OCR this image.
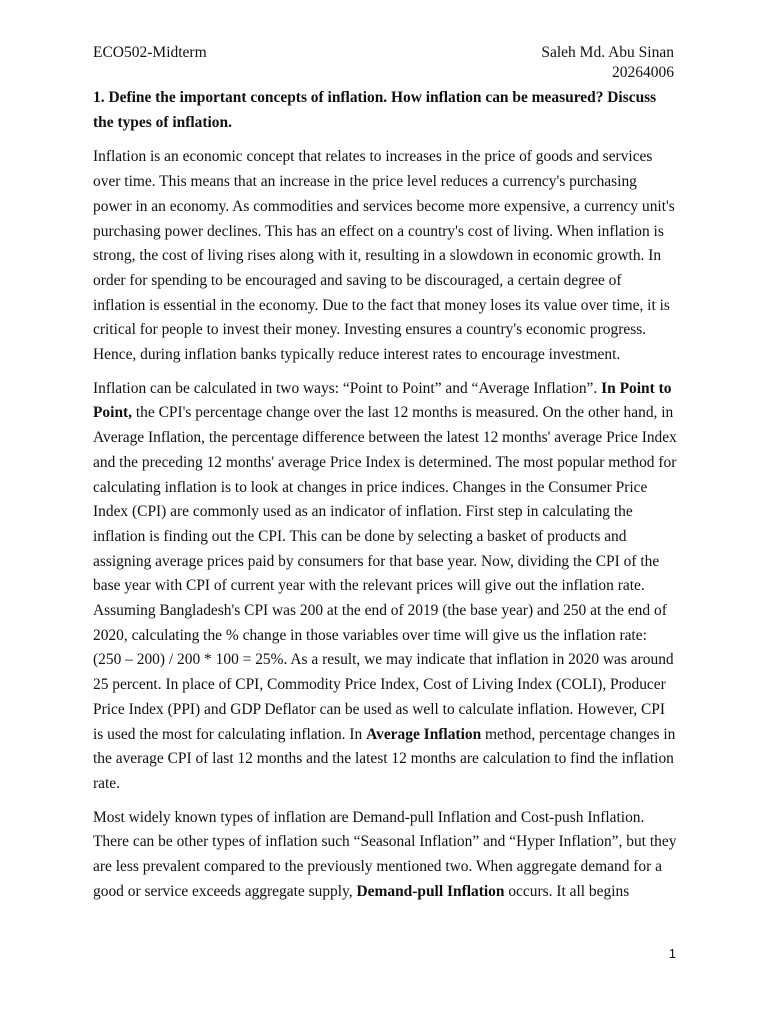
ECO502-Midterm	Saleh Md. Abu Sinan
20264006

1. Define the important concepts of inflation. How inflation can be measured? Discuss the types of inflation.

Inflation is an economic concept that relates to increases in the price of goods and services over time. This means that an increase in the price level reduces a currency's purchasing power in an economy. As commodities and services become more expensive, a currency unit's purchasing power declines. This has an effect on a country's cost of living. When inflation is strong, the cost of living rises along with it, resulting in a slowdown in economic growth. In order for spending to be encouraged and saving to be discouraged, a certain degree of inflation is essential in the economy. Due to the fact that money loses its value over time, it is critical for people to invest their money. Investing ensures a country's economic progress. Hence, during inflation banks typically reduce interest rates to encourage investment.

Inflation can be calculated in two ways: “Point to Point” and “Average Inflation”. In Point to Point, the CPI's percentage change over the last 12 months is measured. On the other hand, in Average Inflation, the percentage difference between the latest 12 months' average Price Index and the preceding 12 months' average Price Index is determined. The most popular method for calculating inflation is to look at changes in price indices. Changes in the Consumer Price Index (CPI) are commonly used as an indicator of inflation. First step in calculating the inflation is finding out the CPI. This can be done by selecting a basket of products and assigning average prices paid by consumers for that base year. Now, dividing the CPI of the base year with CPI of current year with the relevant prices will give out the inflation rate. Assuming Bangladesh's CPI was 200 at the end of 2019 (the base year) and 250 at the end of 2020, calculating the % change in those variables over time will give us the inflation rate: (250 – 200) / 200 * 100 = 25%. As a result, we may indicate that inflation in 2020 was around 25 percent. In place of CPI, Commodity Price Index, Cost of Living Index (COLI), Producer Price Index (PPI) and GDP Deflator can be used as well to calculate inflation. However, CPI is used the most for calculating inflation. In Average Inflation method, percentage changes in the average CPI of last 12 months and the latest 12 months are calculation to find the inflation rate.

Most widely known types of inflation are Demand-pull Inflation and Cost-push Inflation. There can be other types of inflation such “Seasonal Inflation” and “Hyper Inflation”, but they are less prevalent compared to the previously mentioned two. When aggregate demand for a good or service exceeds aggregate supply, Demand-pull Inflation occurs. It all begins

1
